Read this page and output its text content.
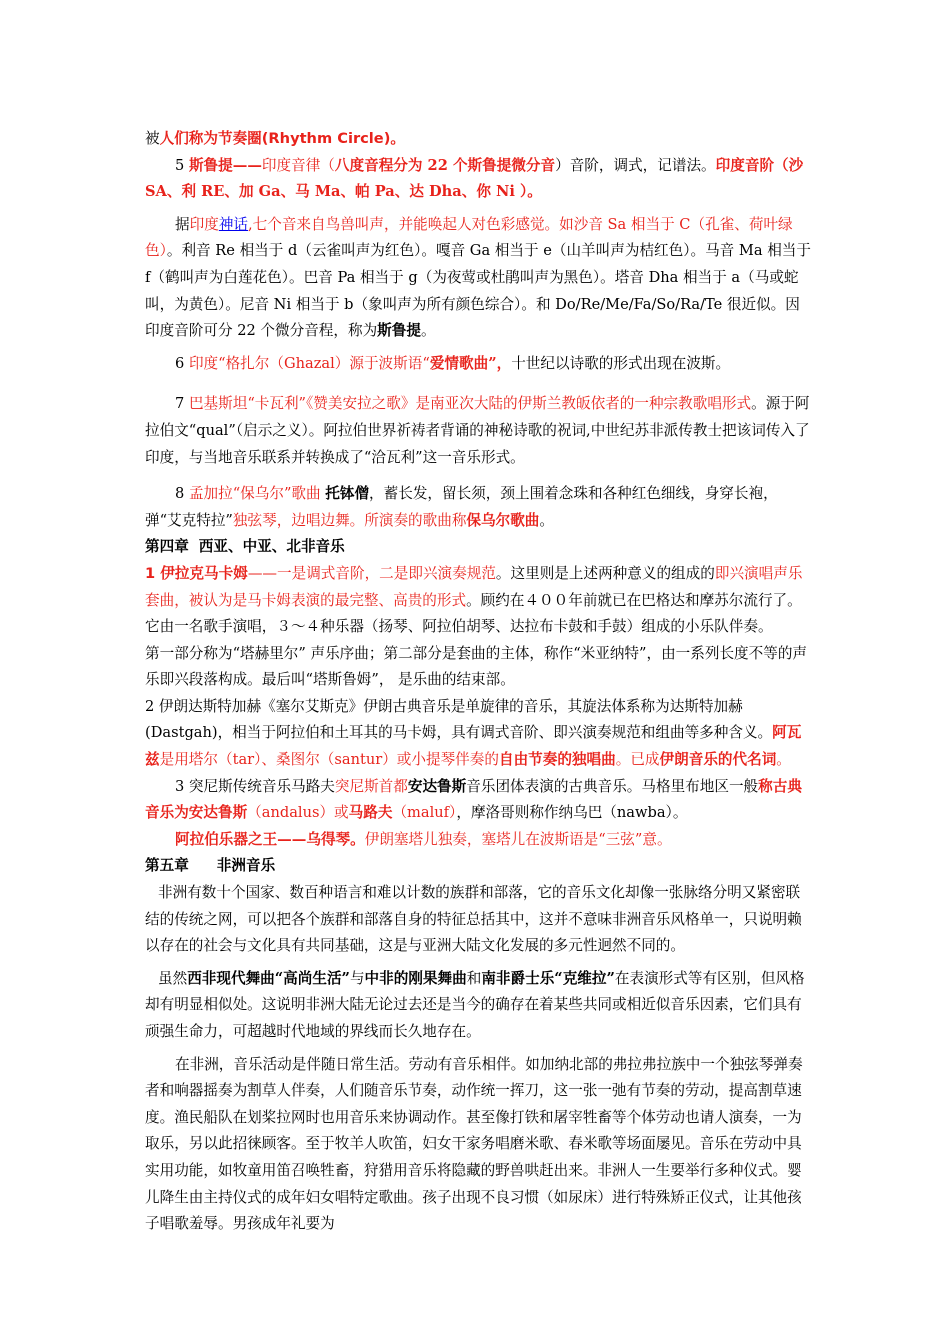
被人们称为节奏圈(Rhythm Circle)。

5 斯鲁提——印度音律（八度音程分为 22 个斯鲁提微分音）音阶，调式，记谱法。印度音阶（沙 SA、利 RE、加 Ga、马 Ma、帕 Pa、达 Dha、你 Ni ）。

据印度神话,七个音来自鸟兽叫声，并能唤起人对色彩感觉。如沙音 Sa 相当于 C（孔雀、荷叶绿色）。利音 Re 相当于 d（云雀叫声为红色）。嘎音 Ga 相当于 e（山羊叫声为桔红色）。马音 Ma 相当于 f（鹤叫声为白莲花色）。巴音 Pa 相当于 g（为夜莺或杜鹃叫声为黑色）。塔音 Dha 相当于 a（马或蛇叫，为黄色）。尼音 Ni 相当于 b（象叫声为所有颜色综合）。和 Do/Re/Me/Fa/So/Ra/Te 很近似。因印度音阶可分 22 个微分音程，称为斯鲁提。

6 印度“格扎尔（Ghazal）源于波斯语“爱情歌曲”，十世纪以诗歌的形式出现在波斯。

7 巴基斯坦“卡瓦利”《赞美安拉之歌》是南亚次大陆的伊斯兰教皈依者的一种宗教歌唱形式。源于阿拉伯文“qual”（启示之义）。阿拉伯世界祈祷者背诵的神秘诗歌的祝词,中世纪苏非派传教士把该词传入了印度，与当地音乐联系并转换成了“洽瓦利”这一音乐形式。

8 孟加拉“保乌尔”歌曲 托钵僧，蓄长发，留长须，颈上围着念珠和各种红色细线，身穿长袍，弹“艾克特拉”独弦琴，边唱边舞。所演奏的歌曲称保乌尔歌曲。

第四章 西亚、中亚、北非音乐

1 伊拉克马卡姆——一是调式音阶，二是即兴演奏规范。这里则是上述两种意义的组成的即兴演唱声乐套曲，被认为是马卡姆表演的最完整、高贵的形式。顾约在４００年前就已在巴格达和摩苏尔流行了。它由一名歌手演唱，３～４种乐器（扬琴、阿拉伯胡琴、达拉布卡鼓和手鼓）组成的小乐队伴奏。

第一部分称为“塔赫里尔” 声乐序曲；第二部分是套曲的主体，称作“米亚纳特”，由一系列长度不等的声乐即兴段落构成。最后叫“塔斯鲁姆”， 是乐曲的结束部。

2 伊朗达斯特加赫《塞尔艾斯克》伊朗古典音乐是单旋律的音乐，其旋法体系称为达斯特加赫(Dastgah)，相当于阿拉伯和土耳其的马卡姆，具有调式音阶、即兴演奏规范和组曲等多种含义。阿瓦兹是用塔尔（tar）、桑图尔（santur）或小提琴伴奏的自由节奏的独唱曲。已成伊朗音乐的代名词。

3 突尼斯传统音乐马路夫突尼斯首都安达鲁斯音乐团体表演的古典音乐。马格里布地区一般称古典音乐为安达鲁斯（andalus）或马路夫（maluf），摩洛哥则称作纳乌巴（nawba）。

阿拉伯乐器之王——乌得琴。伊朗塞塔儿独奏，塞塔儿在波斯语是“三弦”意。

第五章 非洲音乐

非洲有数十个国家、数百种语言和难以计数的族群和部落，它的音乐文化却像一张脉络分明又紧密联结的传统之网，可以把各个族群和部落自身的特征总括其中，这并不意味非洲音乐风格单一，只说明赖以存在的社会与文化具有共同基础，这是与亚洲大陆文化发展的多元性迥然不同的。

虽然西非现代舞曲“高尚生活”与中非的刚果舞曲和南非爵士乐“克维拉”在表演形式等有区别，但风格却有明显相似处。这说明非洲大陆无论过去还是当今的确存在着某些共同或相近似音乐因素，它们具有顽强生命力，可超越时代地域的界线而长久地存在。

在非洲，音乐活动是伴随日常生活。劳动有音乐相伴。如加纳北部的弗拉弗拉族中一个独弦琴弹奏者和响器摇奏为割草人伴奏，人们随音乐节奏，动作统一挥刀，这一张一弛有节奏的劳动，提高割草速度。渔民船队在划桨拉网时也用音乐来协调动作。甚至像打铁和屠宰牲畜等个体劳动也请人演奏，一为取乐，另以此招徕顾客。至于牧羊人吹笛，妇女干家务唱磨米歌、春米歌等场面屡见。音乐在劳动中具实用功能，如牧童用笛召唤牲畜，狩猎用音乐将隐藏的野兽哄赶出来。非洲人一生要举行多种仪式。婴儿降生由主持仪式的成年妇女唱特定歌曲。孩子出现不良习惯（如尿床）进行特殊矫正仪式，让其他孩子唱歌羞辱。男孩成年礼要为
